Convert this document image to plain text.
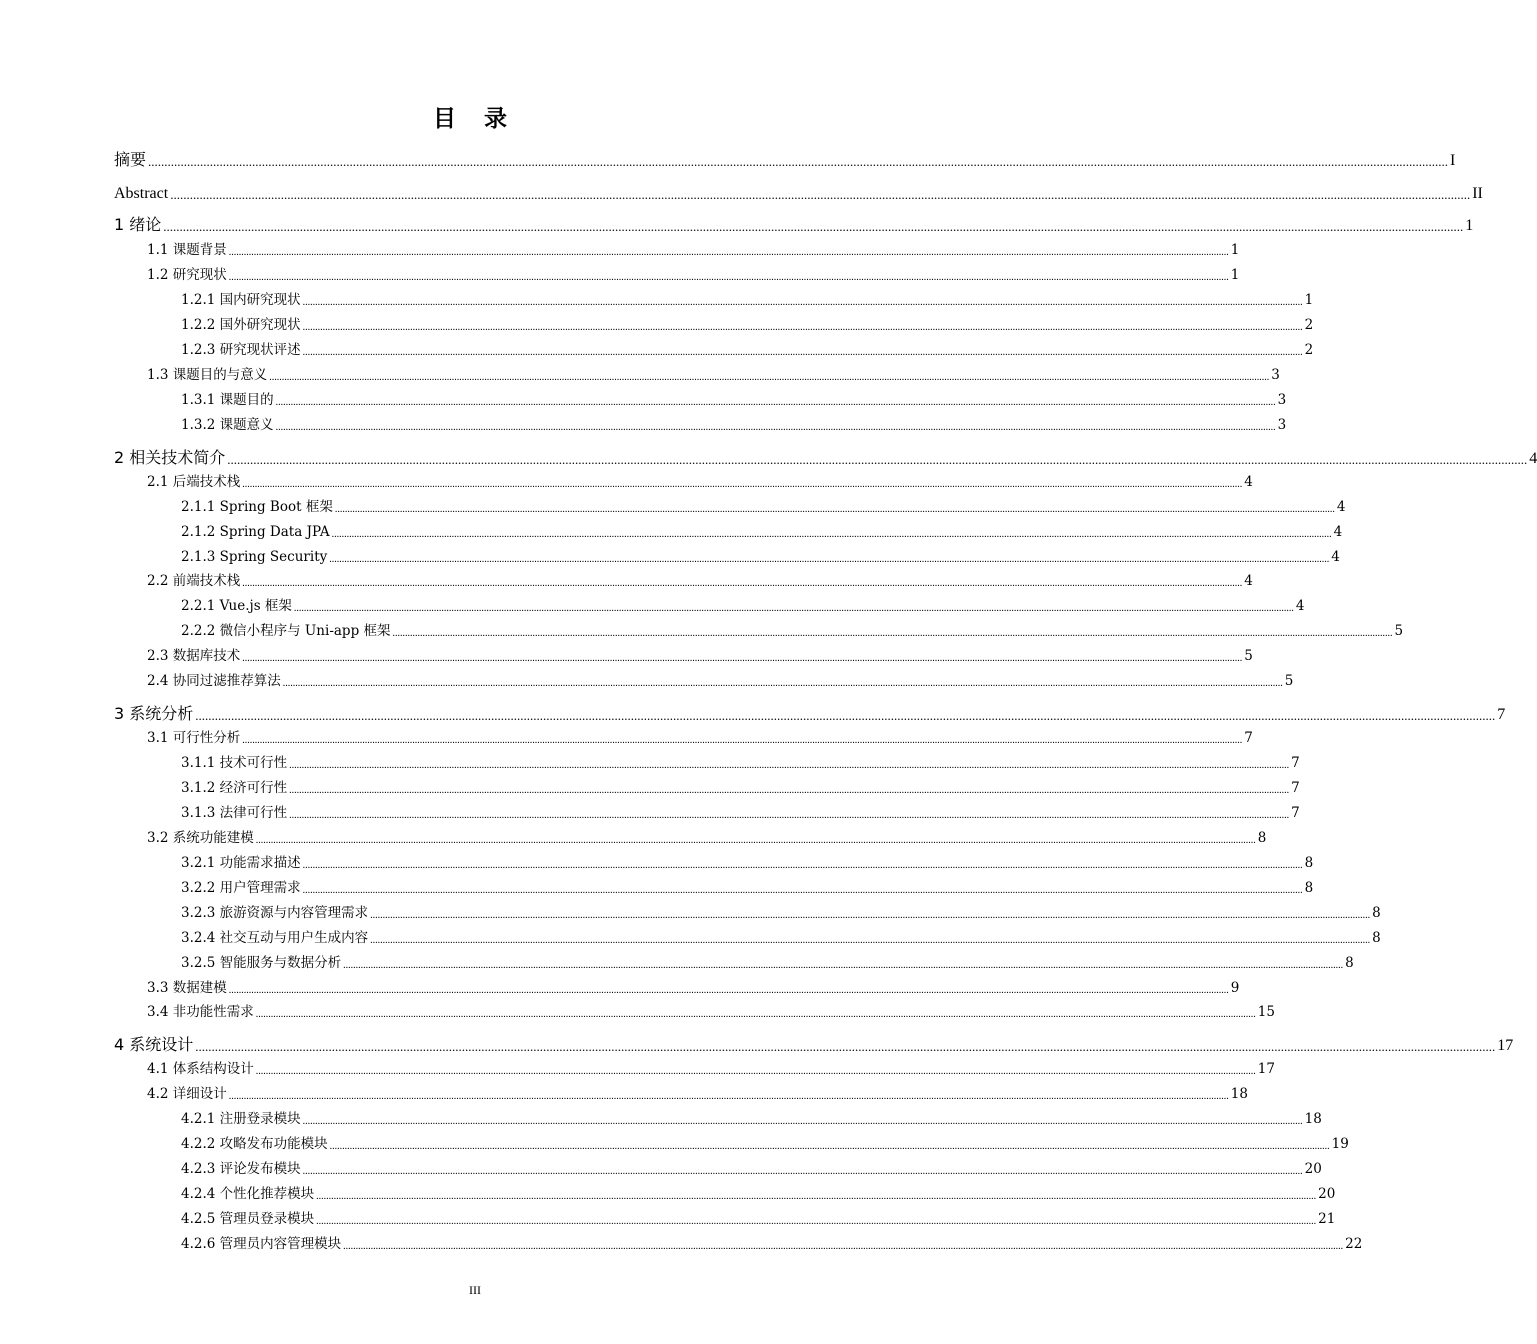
目 录
摘要 ................................................................................................................................................................................................................................................................................................................................................................................................................ I
Abstract ................................................................................................................................................................................................................................................................................................................................................................................................................ II
1 绪论 ................................................................................................................................................................................................................................................................................................................................................................................................................ 1
1.1 课题背景 ................................................................................................................................................................................................................................................................................................................................................................................................................ 1
1.2 研究现状 ................................................................................................................................................................................................................................................................................................................................................................................................................ 1
1.2.1 国内研究现状 ................................................................................................................................................................................................................................................................................................................................................................................................................ 1
1.2.2 国外研究现状 ................................................................................................................................................................................................................................................................................................................................................................................................................ 2
1.2.3 研究现状评述 ................................................................................................................................................................................................................................................................................................................................................................................................................ 2
1.3 课题目的与意义 ................................................................................................................................................................................................................................................................................................................................................................................................................ 3
1.3.1 课题目的 ................................................................................................................................................................................................................................................................................................................................................................................................................ 3
1.3.2 课题意义 ................................................................................................................................................................................................................................................................................................................................................................................................................ 3
2 相关技术简介 ................................................................................................................................................................................................................................................................................................................................................................................................................ 4
2.1 后端技术栈 ................................................................................................................................................................................................................................................................................................................................................................................................................ 4
2.1.1 Spring Boot 框架 ................................................................................................................................................................................................................................................................................................................................................................................................................ 4
2.1.2 Spring Data JPA ................................................................................................................................................................................................................................................................................................................................................................................................................ 4
2.1.3 Spring Security ................................................................................................................................................................................................................................................................................................................................................................................................................ 4
2.2 前端技术栈 ................................................................................................................................................................................................................................................................................................................................................................................................................ 4
2.2.1 Vue.js 框架 ................................................................................................................................................................................................................................................................................................................................................................................................................ 4
2.2.2 微信小程序与 Uni-app 框架 ................................................................................................................................................................................................................................................................................................................................................................................................................ 5
2.3 数据库技术 ................................................................................................................................................................................................................................................................................................................................................................................................................ 5
2.4 协同过滤推荐算法 ................................................................................................................................................................................................................................................................................................................................................................................................................ 5
3 系统分析 ................................................................................................................................................................................................................................................................................................................................................................................................................ 7
3.1 可行性分析 ................................................................................................................................................................................................................................................................................................................................................................................................................ 7
3.1.1 技术可行性 ................................................................................................................................................................................................................................................................................................................................................................................................................ 7
3.1.2 经济可行性 ................................................................................................................................................................................................................................................................................................................................................................................................................ 7
3.1.3 法律可行性 ................................................................................................................................................................................................................................................................................................................................................................................................................ 7
3.2 系统功能建模 ................................................................................................................................................................................................................................................................................................................................................................................................................ 8
3.2.1 功能需求描述 ................................................................................................................................................................................................................................................................................................................................................................................................................ 8
3.2.2 用户管理需求 ................................................................................................................................................................................................................................................................................................................................................................................................................ 8
3.2.3 旅游资源与内容管理需求 ................................................................................................................................................................................................................................................................................................................................................................................................................ 8
3.2.4 社交互动与用户生成内容 ................................................................................................................................................................................................................................................................................................................................................................................................................ 8
3.2.5 智能服务与数据分析 ................................................................................................................................................................................................................................................................................................................................................................................................................ 8
3.3 数据建模 ................................................................................................................................................................................................................................................................................................................................................................................................................ 9
3.4 非功能性需求 ................................................................................................................................................................................................................................................................................................................................................................................................................ 15
4 系统设计 ................................................................................................................................................................................................................................................................................................................................................................................................................ 17
4.1 体系结构设计 ................................................................................................................................................................................................................................................................................................................................................................................................................ 17
4.2 详细设计 ................................................................................................................................................................................................................................................................................................................................................................................................................ 18
4.2.1 注册登录模块 ................................................................................................................................................................................................................................................................................................................................................................................................................ 18
4.2.2 攻略发布功能模块 ................................................................................................................................................................................................................................................................................................................................................................................................................ 19
4.2.3 评论发布模块 ................................................................................................................................................................................................................................................................................................................................................................................................................ 20
4.2.4 个性化推荐模块 ................................................................................................................................................................................................................................................................................................................................................................................................................ 20
4.2.5 管理员登录模块 ................................................................................................................................................................................................................................................................................................................................................................................................................ 21
4.2.6 管理员内容管理模块 ................................................................................................................................................................................................................................................................................................................................................................................................................ 22
III
